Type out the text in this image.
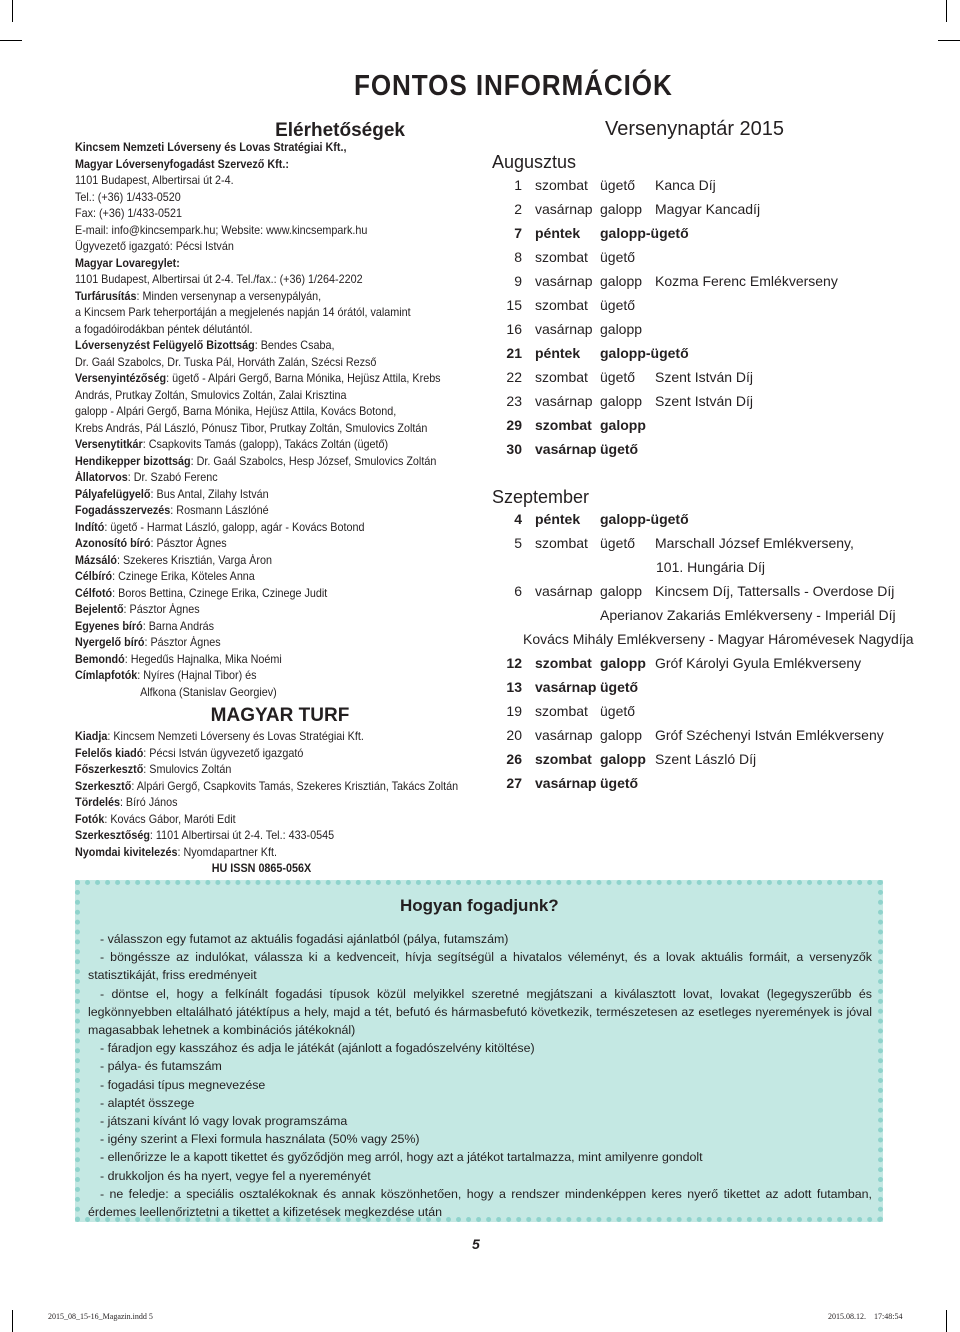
FONTOS INFORMÁCIÓK
Elérhetőségek
Kincsem Nemzeti Lóverseny és Lovas Stratégiai Kft., Magyar Lóversenyfogadást Szervező Kft.:
1101 Budapest, Albertirsai út 2-4.
Tel.: (+36) 1/433-0520
Fax: (+36) 1/433-0521
E-mail: info@kincsempark.hu; Website: www.kincsempark.hu
Ügyvezető igazgató: Pécsi István
Magyar Lovaregylet:
1101 Budapest, Albertirsai út 2-4. Tel./fax.: (+36) 1/264-2202
Turfárusítás: Minden versenynap a versenypályán,
a Kincsem Park teherportáján a megjelenés napján 14 órától, valamint
a fogadóirodákban péntek délutántól.
Lóversenyzést Felügyelő Bizottság: Bendes Csaba,
Dr. Gaál Szabolcs, Dr. Tuska Pál, Horváth Zalán, Szécsi Rezső
Versenyintézőség: ügető - Alpári Gergő, Barna Mónika, Hejüsz Attila, Krebs
András, Prutkay Zoltán, Smulovics Zoltán, Zalai Krisztina
galopp - Alpári Gergő, Barna Mónika, Hejüsz Attila, Kovács Botond,
Krebs András, Pál László, Pónusz Tibor, Prutkay Zoltán, Smulovics Zoltán
Versenytitkár: Csapkovits Tamás (galopp), Takács Zoltán (ügető)
Hendikepper bizottság: Dr. Gaál Szabolcs, Hesp József, Smulovics Zoltán
Állatorvos: Dr. Szabó Ferenc
Pályafelügyelő: Bus Antal, Zilahy István
Fogadásszervezés: Rosmann Lászlóné
Indító: ügető - Harmat László, galopp, agár - Kovács Botond
Azonosító bíró: Pásztor Ágnes
Mázsáló: Szekeres Krisztián, Varga Áron
Célbíró: Czinege Erika, Köteles Anna
Célfotó: Boros Bettina, Czinege Erika, Czinege Judit
Bejelentő: Pásztor Ágnes
Egyenes bíró: Barna András
Nyergelő bíró: Pásztor Ágnes
Bemondó: Hegedűs Hajnalka, Mika Noémi
Címlapfotók: Nyíres (Hajnal Tibor) és
Alfkona (Stanislav Georgiev)
MAGYAR TURF
Kiadja: Kincsem Nemzeti Lóverseny és Lovas Stratégiai Kft.
Felelős kiadó: Pécsi István ügyvezető igazgató
Főszerkesztő: Smulovics Zoltán
Szerkesztő: Alpári Gergő, Csapkovits Tamás, Szekeres Krisztián, Takács Zoltán
Tördelés: Bíró János
Fotók: Kovács Gábor, Maróti Edit
Szerkesztőség: 1101 Albertirsai út 2-4. Tel.: 433-0545
Nyomdai kivitelezés: Nyomdapartner Kft.
HU ISSN 0865-056X
Versenynaptár 2015
Augusztus
1 szombat ügető Kanca Díj
2 vasárnap galopp Magyar Kancadíj
7 péntek galopp-ügető
8 szombat ügető
9 vasárnap galopp Kozma Ferenc Emlékverseny
15 szombat ügető
16 vasárnap galopp
21 péntek galopp-ügető
22 szombat ügető Szent István Díj
23 vasárnap galopp Szent István Díj
29 szombat galopp
30 vasárnap ügető
Szeptember
4 péntek galopp-ügető
5 szombat ügető Marschall József Emlékverseny,
101. Hungária Díj
6 vasárnap galopp Kincsem Díj, Tattersalls - Overdose Díj
Aperianov Zakariás Emlékverseny - Imperiál Díj
Kovács Mihály Emlékverseny - Magyar Háromévesek Nagydíja
12 szombat galopp Gróf Károlyi Gyula Emlékverseny
13 vasárnap ügető
19 szombat ügető
20 vasárnap galopp Gróf Széchenyi István Emlékverseny
26 szombat galopp Szent László Díj
27 vasárnap ügető
Hogyan fogadjunk?

- válasszon egy futamot az aktuális fogadási ajánlatból (pálya, futamszám)

- böngéssze az indulókat, válassza ki a kedvenceit, hívja segítségül a hivatalos véleményt, és a lovak aktuális formáit, a versenyzők statisztikáját, friss eredményeit

- döntse el, hogy a felkínált fogadási típusok közül melyikkel szeretné megjátszani a kiválasztott lovat, lovakat (legegyszerűbb és legkönnyebben eltalálható játéktípus a hely, majd a tét, befutó és hármasbefutó következik, természetesen az esetleges nyeremények is jóval magasabbak lehetnek a kombinációs játékoknál)

- fáradjon egy kasszához és adja le játékát (ajánlott a fogadószelvény kitöltése)

- pálya- és futamszám

- fogadási típus megnevezése

- alaptét összege

- játszani kívánt ló vagy lovak programszáma

- igény szerint a Flexi formula használata (50% vagy 25%)

- ellenőrizze le a kapott tikettet és győződjön meg arról, hogy azt a játékot tartalmazza, mint amilyenre gondolt

- drukkoljon és ha nyert, vegye fel a nyereményét

- ne feledje: a speciális osztalékoknak és annak köszönhetően, hogy a rendszer mindenképpen keres nyerő tikettet az adott futamban, érdemes leellenőriztetni a tikettet a kifizetések megkezdése után

5
2015_08_15-16_Magazin.indd 5	2015.08.12. 17:48:54
